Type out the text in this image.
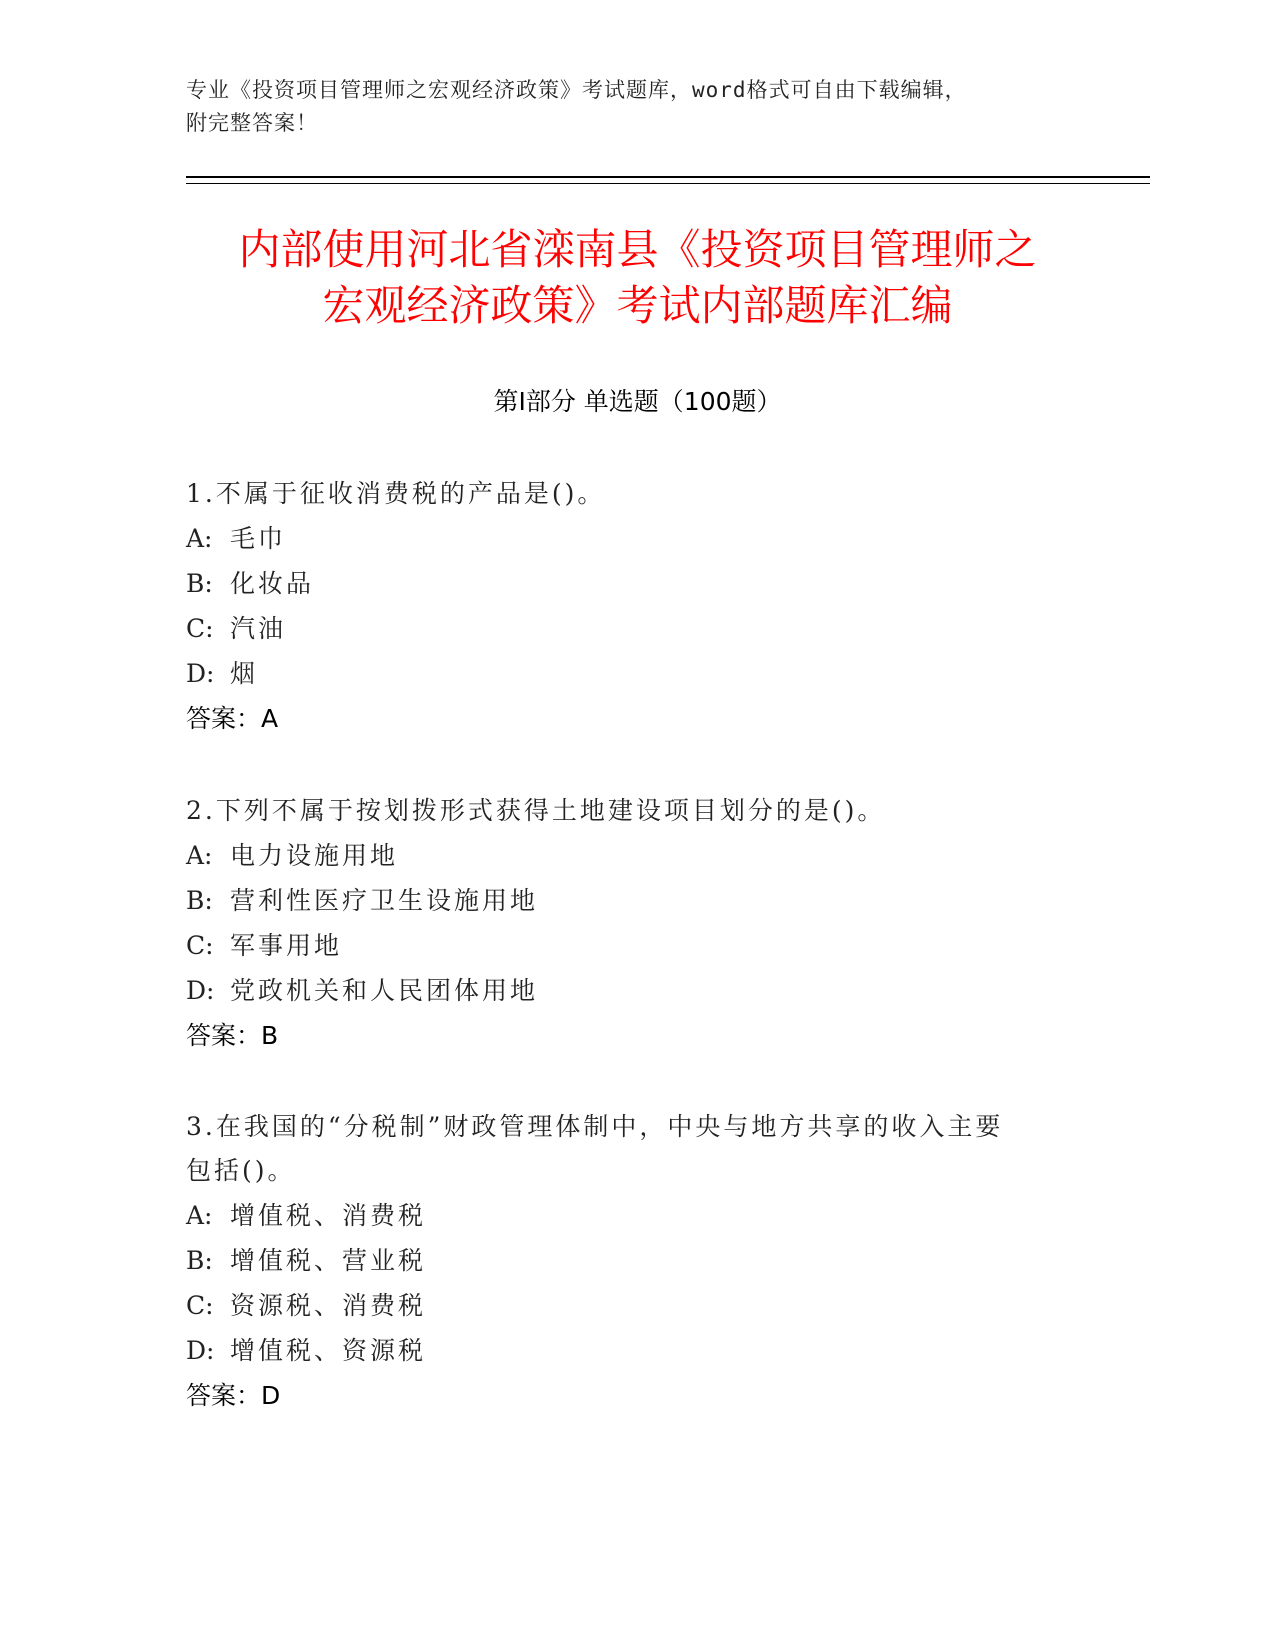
专业《投资项目管理师之宏观经济政策》考试题库，word格式可自由下载编辑，
附完整答案！
内部使用河北省滦南县《投资项目管理师之
宏观经济政策》考试内部题库汇编
第Ⅰ部分 单选题（100题）

1.不属于征收消费税的产品是()。

A: 毛巾

B: 化妆品

C: 汽油

D: 烟

答案：A

2.下列不属于按划拨形式获得土地建设项目划分的是()。

A: 电力设施用地

B: 营利性医疗卫生设施用地

C: 军事用地

D: 党政机关和人民团体用地

答案：B

3.在我国的“分税制”财政管理体制中，中央与地方共享的收入主要

包括()。

A: 增值税、消费税

B: 增值税、营业税

C: 资源税、消费税

D: 增值税、资源税

答案：D
